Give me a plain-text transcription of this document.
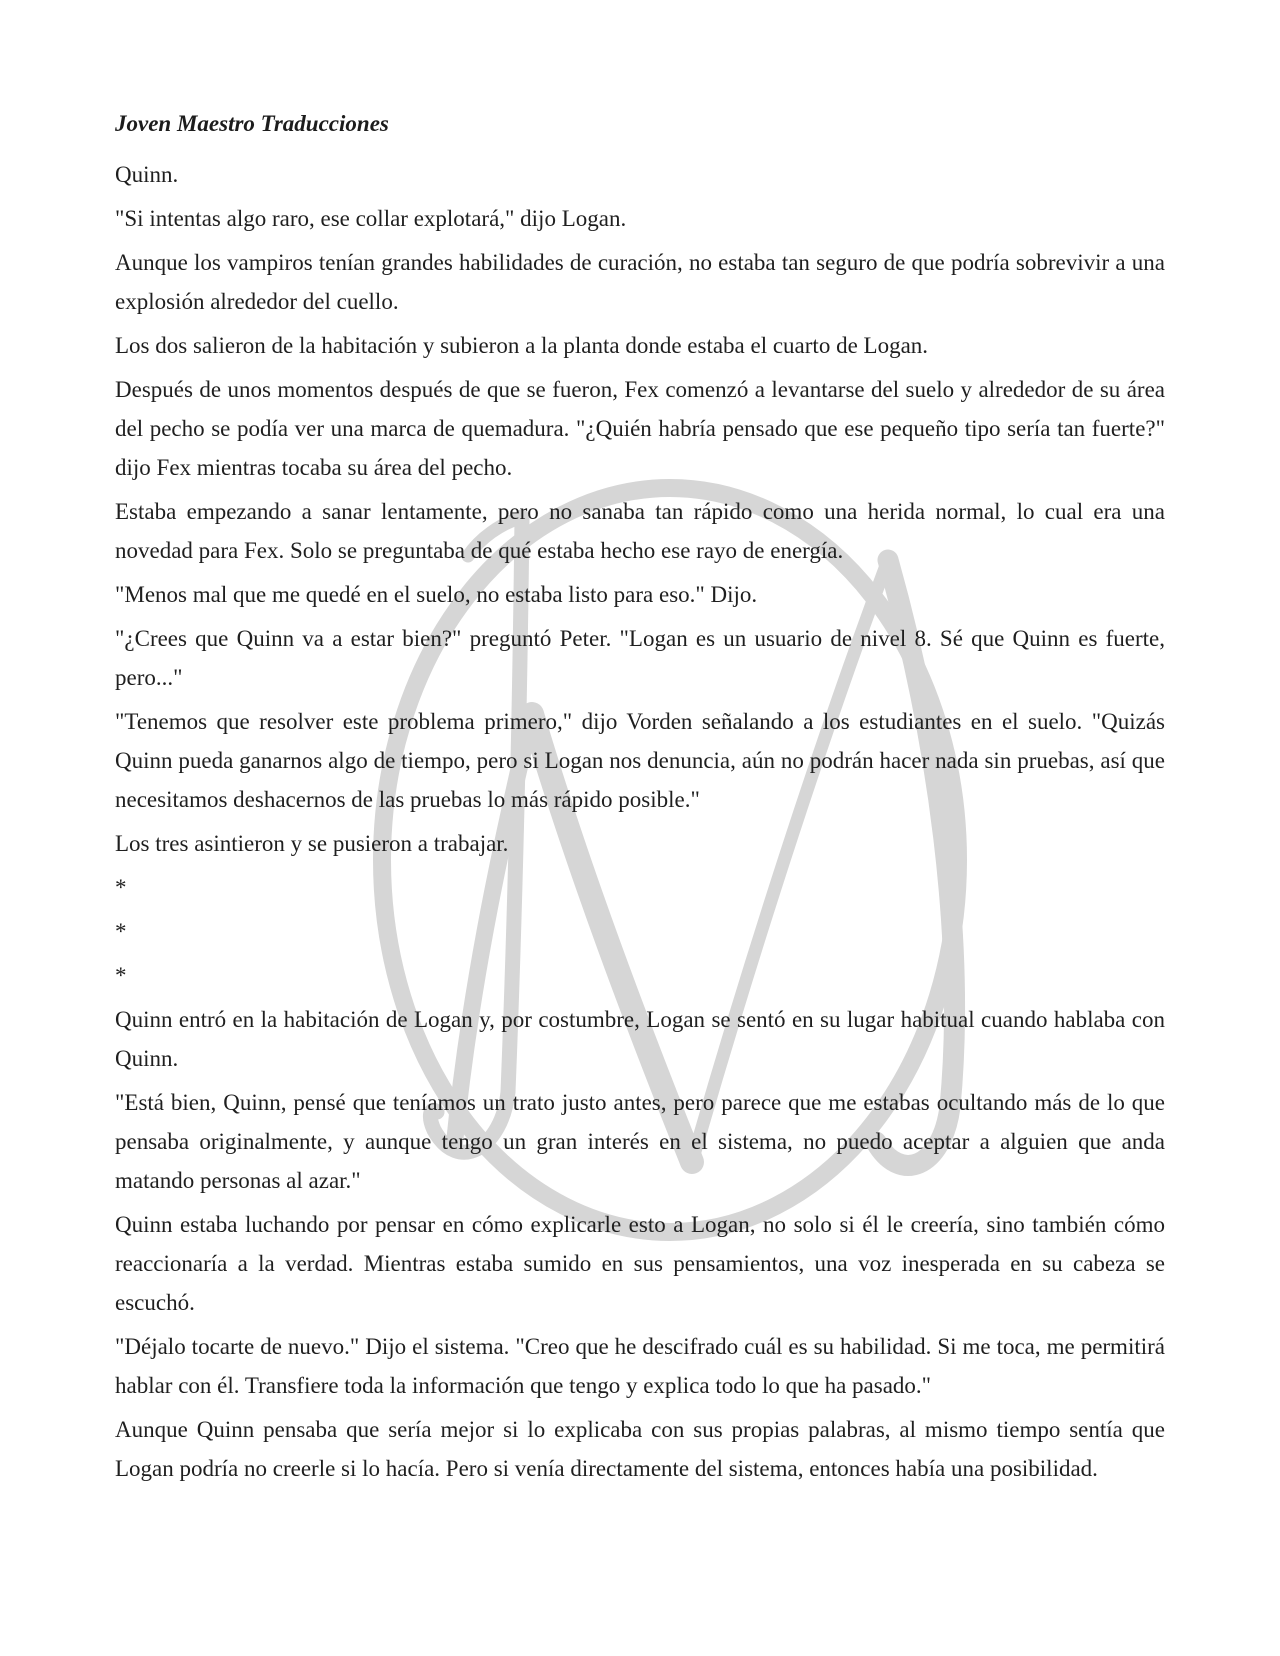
Joven Maestro Traducciones

Quinn.

"Si intentas algo raro, ese collar explotará," dijo Logan.

Aunque los vampiros tenían grandes habilidades de curación, no estaba tan seguro de que podría sobrevivir a una explosión alrededor del cuello.

Los dos salieron de la habitación y subieron a la planta donde estaba el cuarto de Logan.

Después de unos momentos después de que se fueron, Fex comenzó a levantarse del suelo y alrededor de su área del pecho se podía ver una marca de quemadura. "¿Quién habría pensado que ese pequeño tipo sería tan fuerte?" dijo Fex mientras tocaba su área del pecho.

Estaba empezando a sanar lentamente, pero no sanaba tan rápido como una herida normal, lo cual era una novedad para Fex. Solo se preguntaba de qué estaba hecho ese rayo de energía.

"Menos mal que me quedé en el suelo, no estaba listo para eso." Dijo.

"¿Crees que Quinn va a estar bien?" preguntó Peter. "Logan es un usuario de nivel 8. Sé que Quinn es fuerte, pero..."

"Tenemos que resolver este problema primero," dijo Vorden señalando a los estudiantes en el suelo. "Quizás Quinn pueda ganarnos algo de tiempo, pero si Logan nos denuncia, aún no podrán hacer nada sin pruebas, así que necesitamos deshacernos de las pruebas lo más rápido posible."

Los tres asintieron y se pusieron a trabajar.

*

*

*

Quinn entró en la habitación de Logan y, por costumbre, Logan se sentó en su lugar habitual cuando hablaba con Quinn.

"Está bien, Quinn, pensé que teníamos un trato justo antes, pero parece que me estabas ocultando más de lo que pensaba originalmente, y aunque tengo un gran interés en el sistema, no puedo aceptar a alguien que anda matando personas al azar."

Quinn estaba luchando por pensar en cómo explicarle esto a Logan, no solo si él le creería, sino también cómo reaccionaría a la verdad. Mientras estaba sumido en sus pensamientos, una voz inesperada en su cabeza se escuchó.

"Déjalo tocarte de nuevo." Dijo el sistema. "Creo que he descifrado cuál es su habilidad. Si me toca, me permitirá hablar con él. Transfiere toda la información que tengo y explica todo lo que ha pasado."

Aunque Quinn pensaba que sería mejor si lo explicaba con sus propias palabras, al mismo tiempo sentía que Logan podría no creerle si lo hacía. Pero si venía directamente del sistema, entonces había una posibilidad.
